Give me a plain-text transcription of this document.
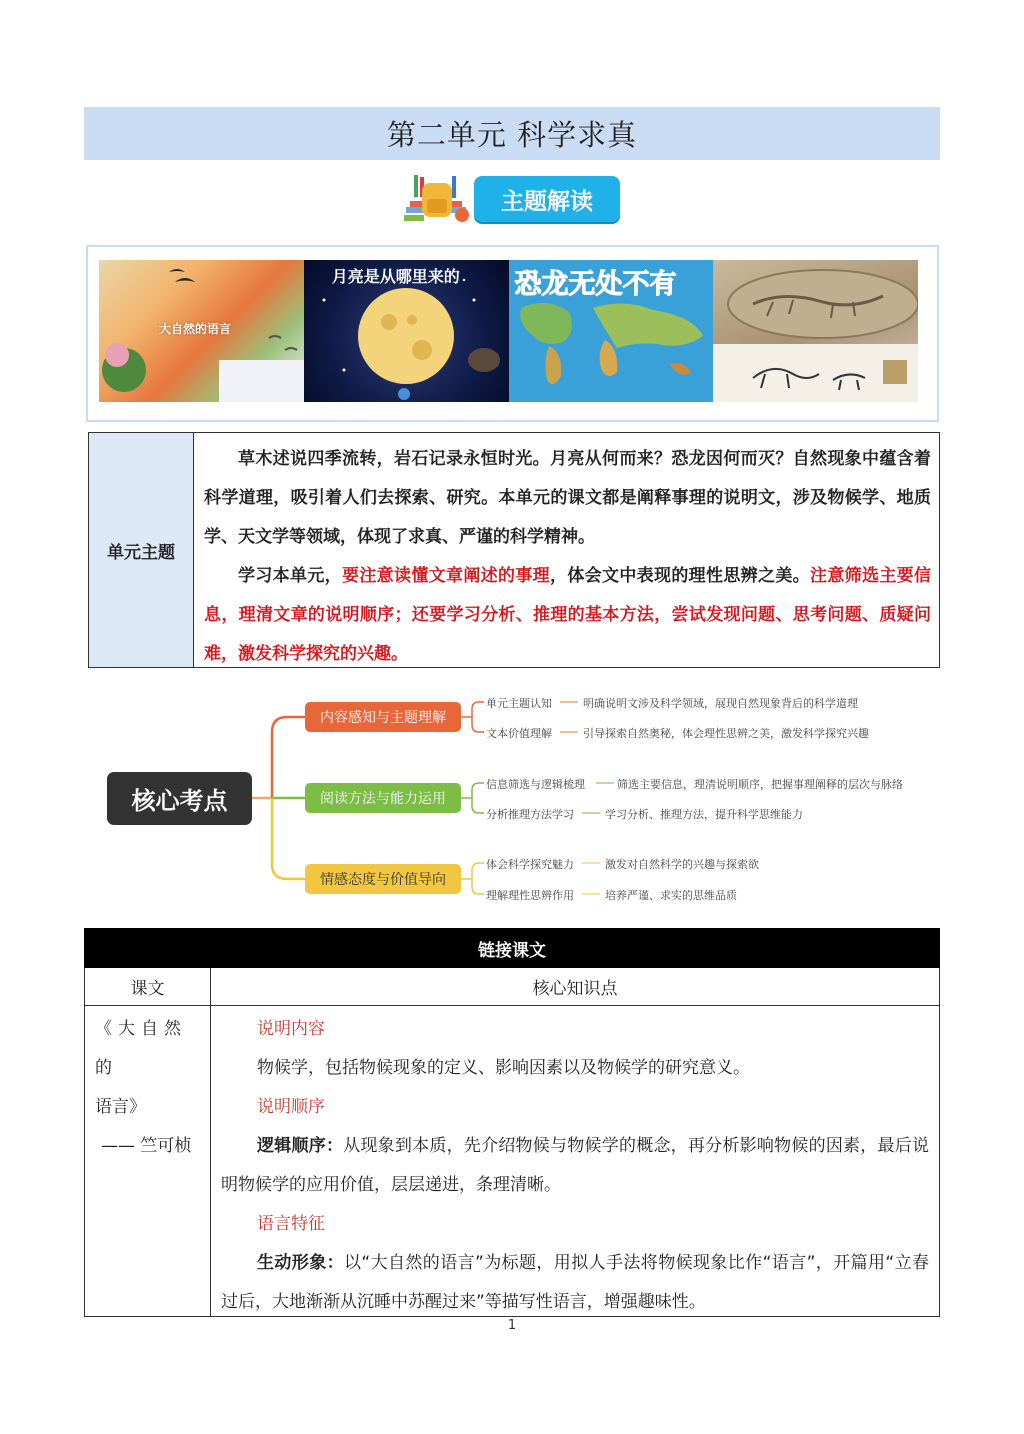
第二单元 科学求真
主题解读
大自然的语言
月亮是从哪里来的 恐龙无处不有
单元主题

草木述说四季流转，岩石记录永恒时光。月亮从何而来？恐龙因何而灭？自然现象中蕴含着科学道理，吸引着人们去探索、研究。本单元的课文都是阐释事理的说明文，涉及物候学、地质学、天文学等领域，体现了求真、严谨的科学精神。

学习本单元，要注意读懂文章阐述的事理，体会文中表现的理性思辨之美。注意筛选主要信息，理清文章的说明顺序；还要学习分析、推理的基本方法，尝试发现问题、思考问题、质疑问难，激发科学探究的兴趣。

核心考点
内容感知与主题理解
阅读方法与能力运用
情感态度与价值导向
单元主题认知	明确说明文涉及科学领域，展现自然现象背后的科学道理
文本价值理解	引导探索自然奥秘，体会理性思辨之美，激发科学探究兴趣
信息筛选与逻辑梳理	筛选主要信息，理清说明顺序，把握事理阐释的层次与脉络
分析推理方法学习	学习分析、推理方法，提升科学思维能力
体会科学探究魅力	激发对自然科学的兴趣与探索欲
理解理性思辨作用	培养严谨、求实的思维品质
链接课文
课文	核心知识点
《大自然的
语言》
—— 竺可桢
说明内容
物候学，包括物候现象的定义、影响因素以及物候学的研究意义。
说明顺序
逻辑顺序：从现象到本质，先介绍物候与物候学的概念，再分析影响物候的因素，最后说明物候学的应用价值，层层递进，条理清晰。
语言特征
生动形象：以“大自然的语言”为标题，用拟人手法将物候现象比作“语言”，开篇用“立春过后，大地渐渐从沉睡中苏醒过来”等描写性语言，增强趣味性。
1
